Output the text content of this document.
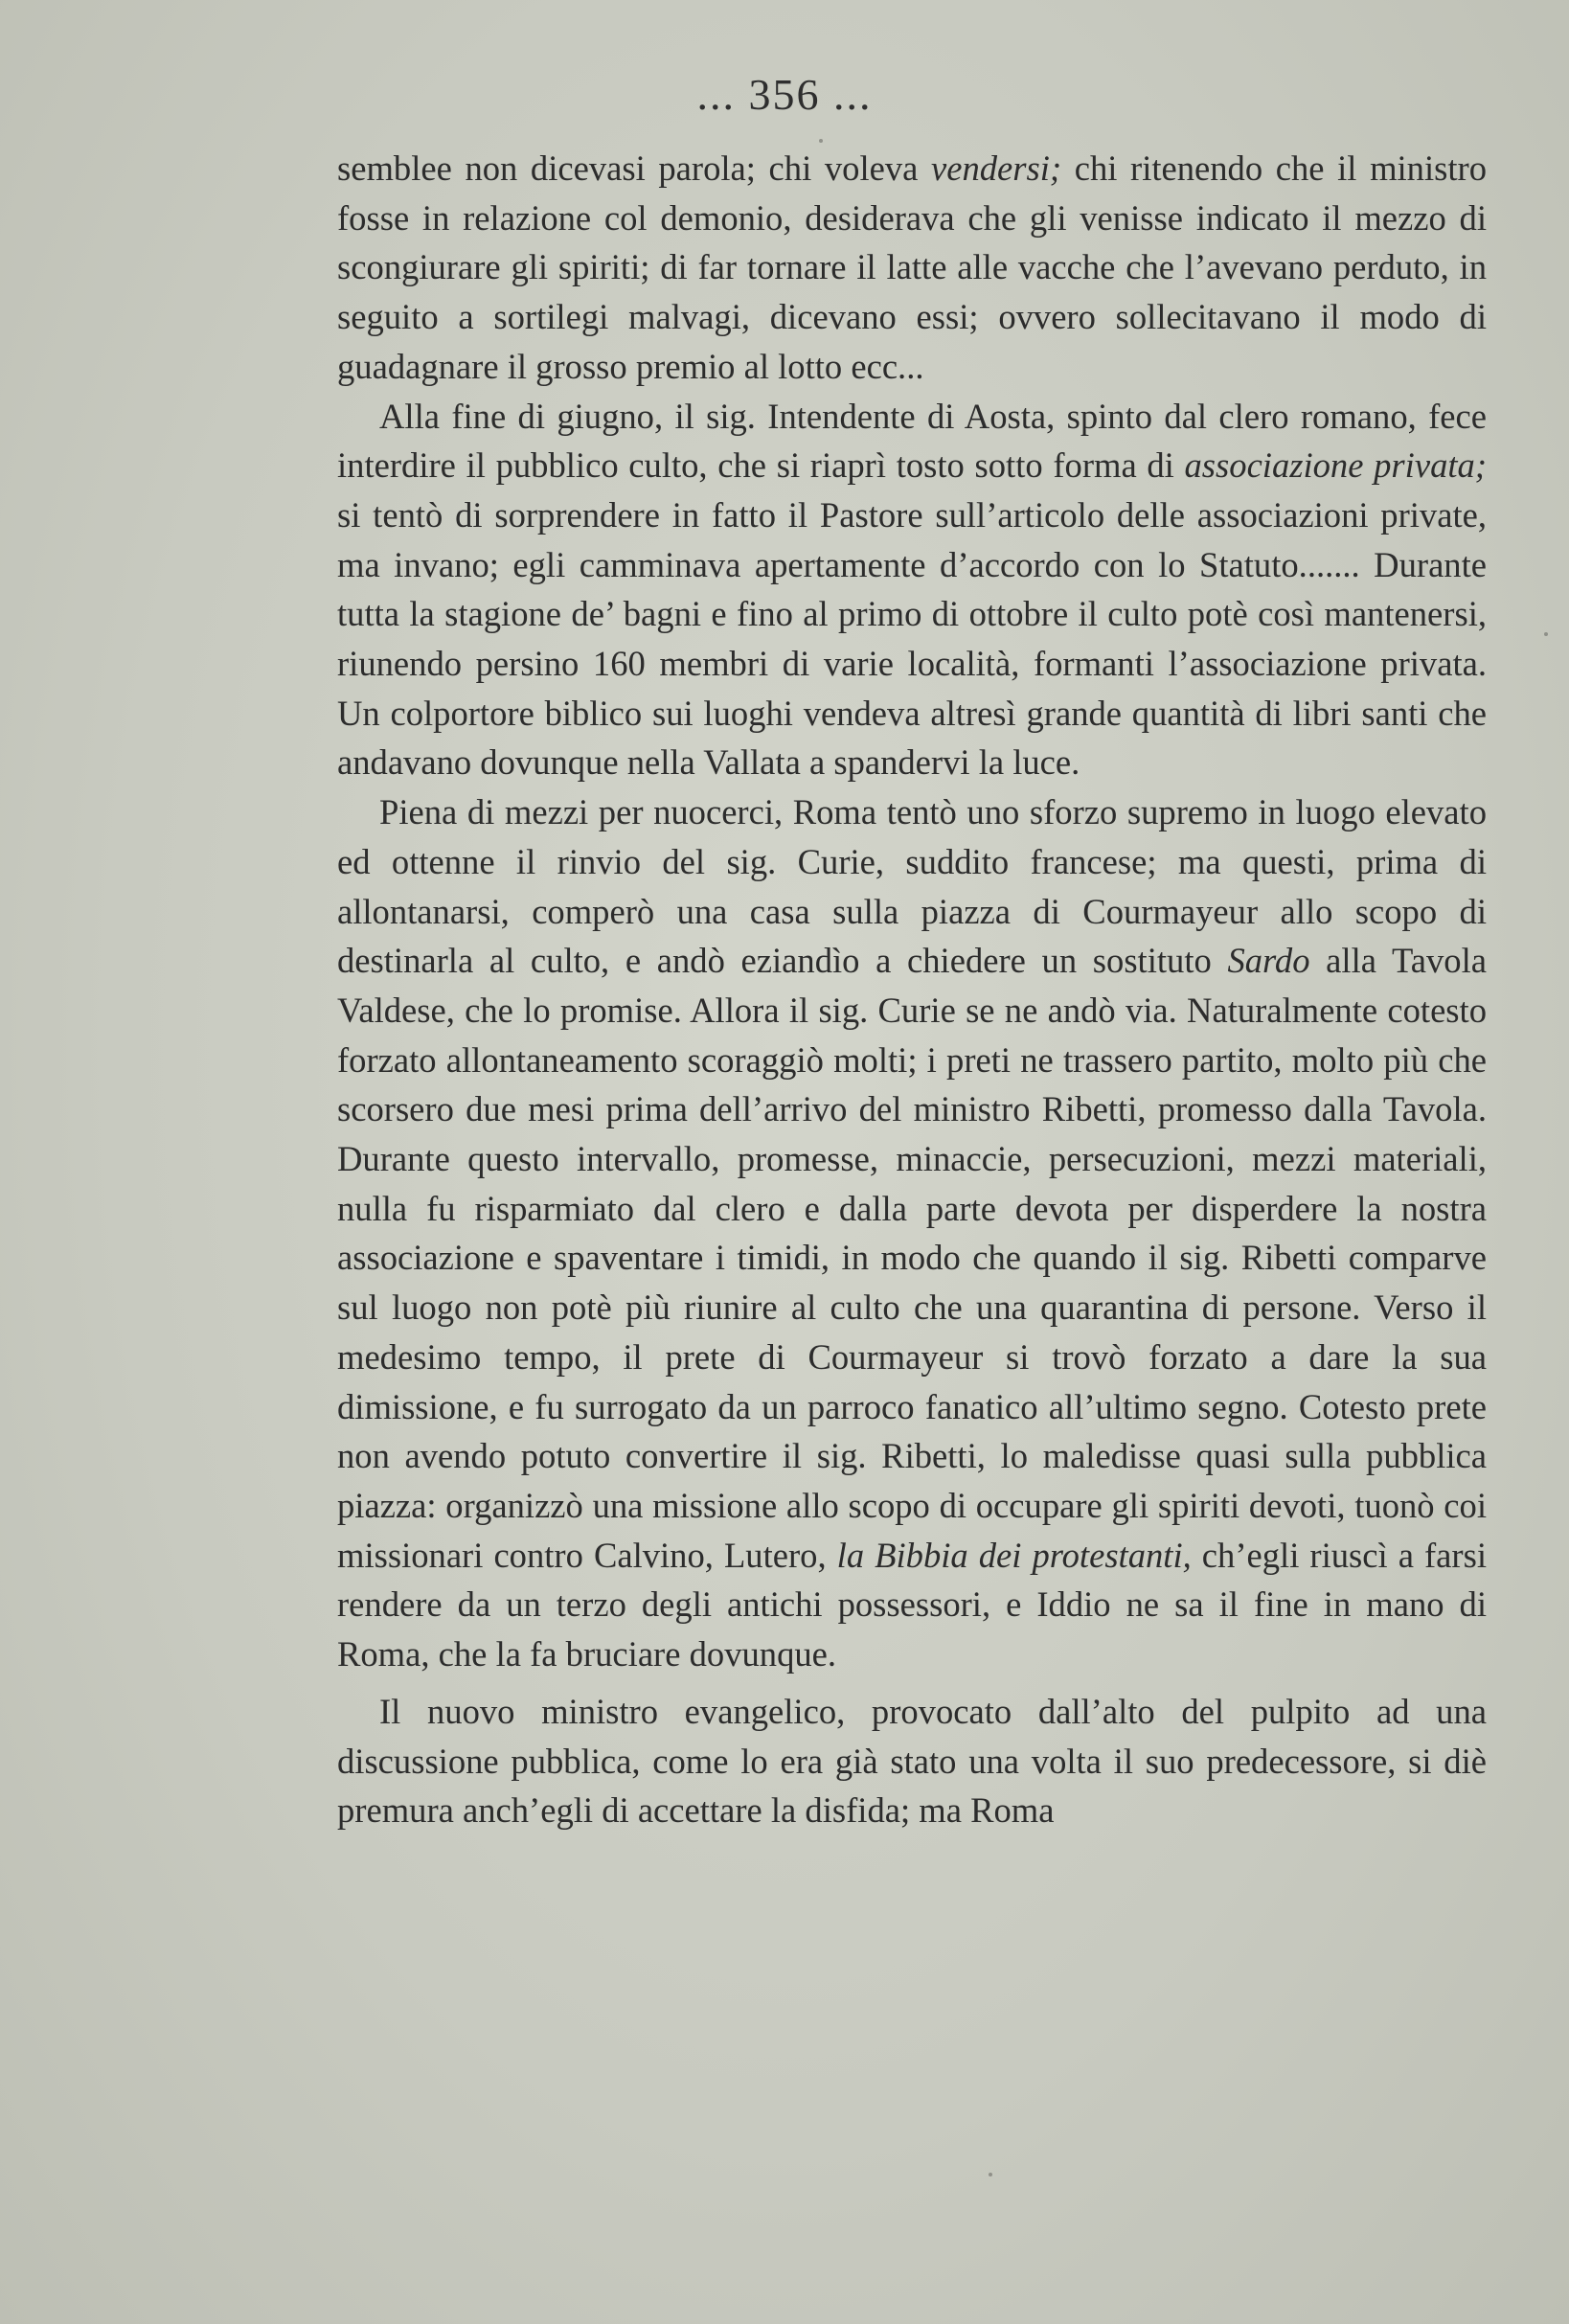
... 356 ...

semblee non dicevasi parola; chi voleva vendersi; chi ritenendo che il ministro fosse in relazione col demonio, desiderava che gli venisse indicato il mezzo di scongiurare gli spiriti; di far tornare il latte alle vacche che l’avevano perduto, in seguito a sortilegi malvagi, dicevano essi; ovvero sollecitavano il modo di guadagnare il grosso premio al lotto ecc...

Alla fine di giugno, il sig. Intendente di Aosta, spinto dal clero romano, fece interdire il pubblico culto, che si riaprì tosto sotto forma di associazione privata; si tentò di sorprendere in fatto il Pastore sull’articolo delle associazioni private, ma invano; egli camminava apertamente d’accordo con lo Statuto....... Durante tutta la stagione de’ bagni e fino al primo di ottobre il culto potè così mantenersi, riunendo persino 160 membri di varie località, formanti l’associazione privata. Un colportore biblico sui luoghi vendeva altresì grande quantità di libri santi che andavano dovunque nella Vallata a spandervi la luce.

Piena di mezzi per nuocerci, Roma tentò uno sforzo supremo in luogo elevato ed ottenne il rinvio del sig. Curie, suddito francese; ma questi, prima di allontanarsi, comperò una casa sulla piazza di Courmayeur allo scopo di destinarla al culto, e andò eziandìo a chiedere un sostituto Sardo alla Tavola Valdese, che lo promise. Allora il sig. Curie se ne andò via. Naturalmente cotesto forzato allontaneamento scoraggiò molti; i preti ne trassero partito, molto più che scorsero due mesi prima dell’arrivo del ministro Ribetti, promesso dalla Tavola. Durante questo intervallo, promesse, minaccie, persecuzioni, mezzi materiali, nulla fu risparmiato dal clero e dalla parte devota per disperdere la nostra associazione e spaventare i timidi, in modo che quando il sig. Ribetti comparve sul luogo non potè più riunire al culto che una quarantina di persone. Verso il medesimo tempo, il prete di Courmayeur si trovò forzato a dare la sua dimissione, e fu surrogato da un parroco fanatico all’ultimo segno. Cotesto prete non avendo potuto convertire il sig. Ribetti, lo maledisse quasi sulla pubblica piazza: organizzò una missione allo scopo di occupare gli spiriti devoti, tuonò coi missionari contro Calvino, Lutero, la Bibbia dei protestanti, ch’egli riuscì a farsi rendere da un terzo degli antichi possessori, e Iddio ne sa il fine in mano di Roma, che la fa bruciare dovunque.

Il nuovo ministro evangelico, provocato dall’alto del pulpito ad una discussione pubblica, come lo era già stato una volta il suo predecessore, si diè premura anch’egli di accettare la disfida; ma Roma
